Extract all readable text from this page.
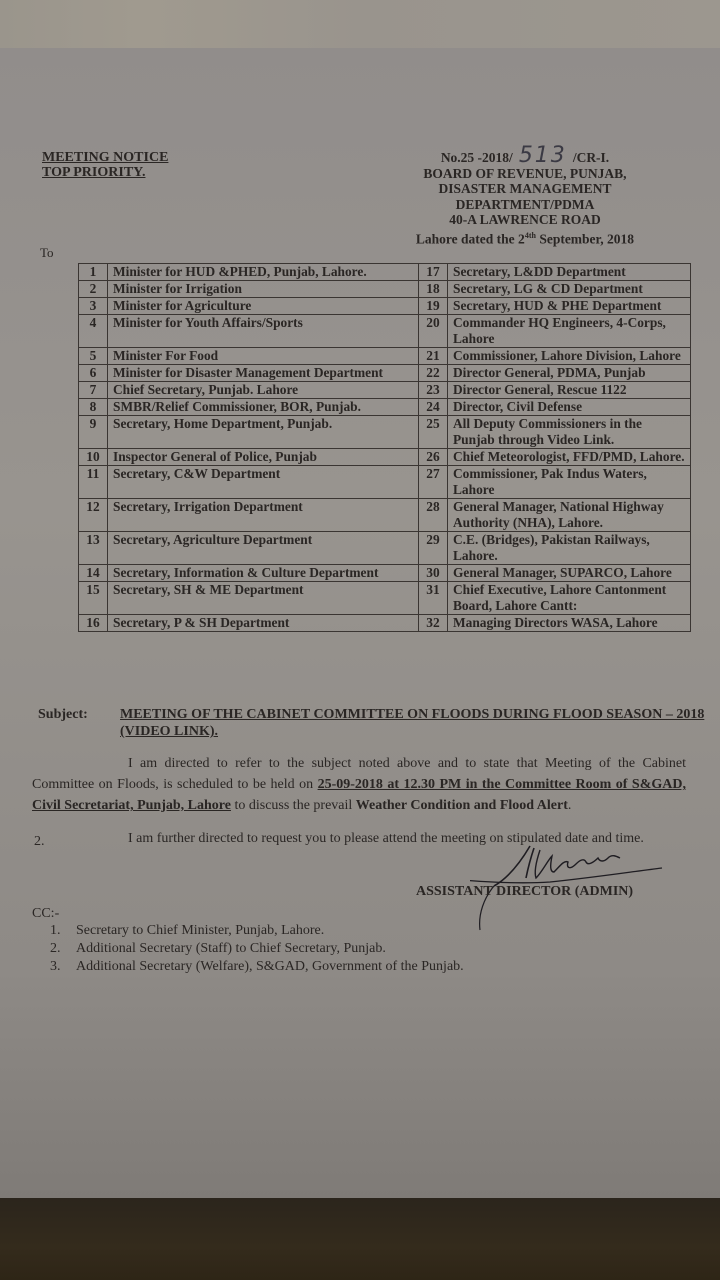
MEETING NOTICE
TOP PRIORITY.
No.25 -2018/ 513 /CR-I.
BOARD OF REVENUE, PUNJAB,
DISASTER MANAGEMENT
DEPARTMENT/PDMA
40-A LAWRENCE ROAD
Lahore dated the $2^{4th}$ September, 2018
To
1	Minister for HUD &PHED, Punjab, Lahore.	17	Secretary, L&DD Department
2	Minister for Irrigation	18	Secretary, LG & CD Department
3	Minister for Agriculture	19	Secretary, HUD & PHE Department
4	Minister for Youth Affairs/Sports	20	Commander HQ Engineers, 4-Corps, Lahore
5	Minister For Food	21	Commissioner, Lahore Division, Lahore
6	Minister for Disaster Management Department	22	Director General, PDMA, Punjab
7	Chief Secretary, Punjab. Lahore	23	Director General, Rescue 1122
8	SMBR/Relief Commissioner, BOR, Punjab.	24	Director, Civil Defense
9	Secretary, Home Department, Punjab.	25	All Deputy Commissioners in the Punjab through Video Link.
10	Inspector General of Police, Punjab	26	Chief Meteorologist, FFD/PMD, Lahore.
11	Secretary, C&W Department	27	Commissioner, Pak Indus Waters, Lahore
12	Secretary, Irrigation Department	28	General Manager, National Highway Authority (NHA), Lahore.
13	Secretary, Agriculture Department	29	C.E. (Bridges), Pakistan Railways, Lahore.
14	Secretary, Information & Culture Department	30	General Manager, SUPARCO, Lahore
15	Secretary, SH & ME Department	31	Chief Executive, Lahore Cantonment Board, Lahore Cantt:
16	Secretary, P & SH Department	32	Managing Directors WASA, Lahore
Subject:	MEETING OF THE CABINET COMMITTEE ON FLOODS DURING FLOOD SEASON – 2018 (VIDEO LINK).
I am directed to refer to the subject noted above and to state that Meeting of the Cabinet Committee on Floods, is scheduled to be held on 25-09-2018 at 12.30 PM in the Committee Room of S&GAD, Civil Secretariat, Punjab, Lahore to discuss the prevail Weather Condition and Flood Alert.
2.	I am further directed to request you to please attend the meeting on stipulated date and time.
ASSISTANT DIRECTOR (ADMIN)
CC:-
1.	Secretary to Chief Minister, Punjab, Lahore.
2.	Additional Secretary (Staff) to Chief Secretary, Punjab.
3.	Additional Secretary (Welfare), S&GAD, Government of the Punjab.
